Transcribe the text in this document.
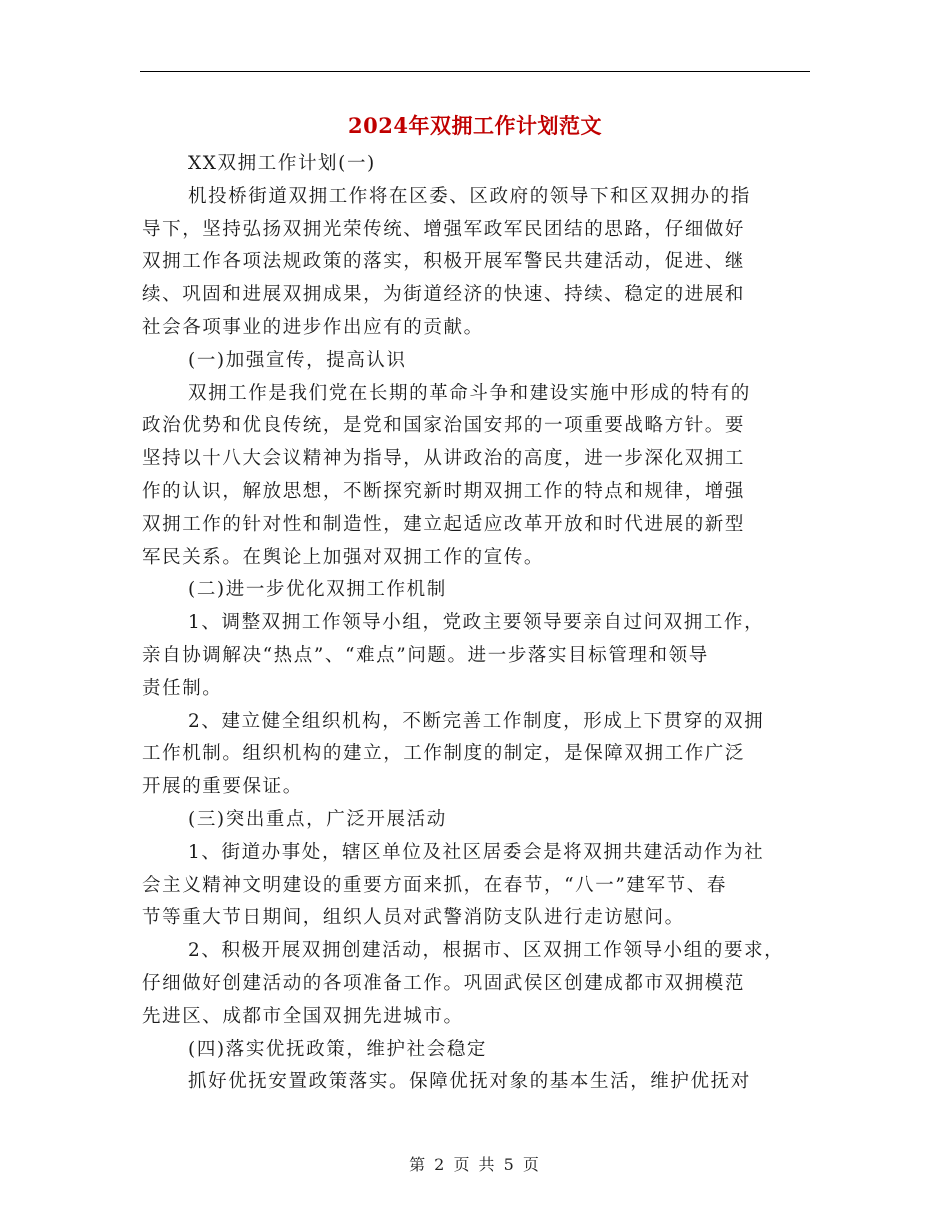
2024年双拥工作计划范文
XX双拥工作计划(一)
机投桥街道双拥工作将在区委、区政府的领导下和区双拥办的指
导下，坚持弘扬双拥光荣传统、增强军政军民团结的思路，仔细做好
双拥工作各项法规政策的落实，积极开展军警民共建活动，促进、继
续、巩固和进展双拥成果，为街道经济的快速、持续、稳定的进展和
社会各项事业的进步作出应有的贡献。
(一)加强宣传，提高认识
双拥工作是我们党在长期的革命斗争和建设实施中形成的特有的
政治优势和优良传统，是党和国家治国安邦的一项重要战略方针。要
坚持以十八大会议精神为指导，从讲政治的高度，进一步深化双拥工
作的认识，解放思想，不断探究新时期双拥工作的特点和规律，增强
双拥工作的针对性和制造性，建立起适应改革开放和时代进展的新型
军民关系。在舆论上加强对双拥工作的宣传。
(二)进一步优化双拥工作机制
1、调整双拥工作领导小组，党政主要领导要亲自过问双拥工作，
亲自协调解决“热点”、“难点”问题。进一步落实目标管理和领导
责任制。
2、建立健全组织机构，不断完善工作制度，形成上下贯穿的双拥
工作机制。组织机构的建立，工作制度的制定，是保障双拥工作广泛
开展的重要保证。
(三)突出重点，广泛开展活动
1、街道办事处，辖区单位及社区居委会是将双拥共建活动作为社
会主义精神文明建设的重要方面来抓，在春节，“八一”建军节、春
节等重大节日期间，组织人员对武警消防支队进行走访慰问。
2、积极开展双拥创建活动，根据市、区双拥工作领导小组的要求，
仔细做好创建活动的各项准备工作。巩固武侯区创建成都市双拥模范
先进区、成都市全国双拥先进城市。
(四)落实优抚政策，维护社会稳定
抓好优抚安置政策落实。保障优抚对象的基本生活，维护优抚对
第 2 页 共 5 页
